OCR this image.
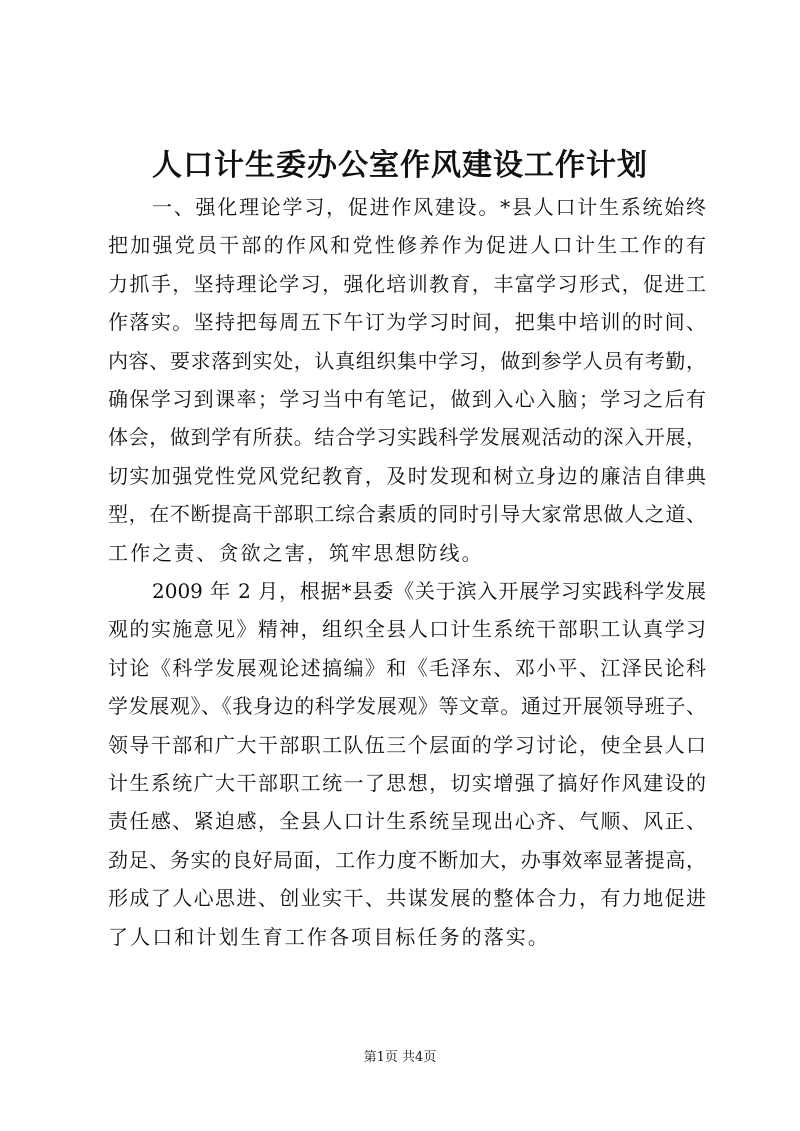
人口计生委办公室作风建设工作计划
一、强化理论学习，促进作风建设。*县人口计生系统始终
把加强党员干部的作风和党性修养作为促进人口计生工作的有
力抓手，坚持理论学习，强化培训教育，丰富学习形式，促进工
作落实。坚持把每周五下午订为学习时间，把集中培训的时间、
内容、要求落到实处，认真组织集中学习，做到参学人员有考勤，
确保学习到课率；学习当中有笔记，做到入心入脑；学习之后有
体会，做到学有所获。结合学习实践科学发展观活动的深入开展，
切实加强党性党风党纪教育，及时发现和树立身边的廉洁自律典
型，在不断提高干部职工综合素质的同时引导大家常思做人之道、
工作之责、贪欲之害，筑牢思想防线。
2009 年 2 月，根据*县委《关于滨入开展学习实践科学发展
观的实施意见》精神，组织全县人口计生系统干部职工认真学习
讨论《科学发展观论述搞编》和《毛泽东、邓小平、江泽民论科
学发展观》、《我身边的科学发展观》等文章。通过开展领导班子、
领导干部和广大干部职工队伍三个层面的学习讨论，使全县人口
计生系统广大干部职工统一了思想，切实增强了搞好作风建设的
责任感、紧迫感，全县人口计生系统呈现出心齐、气顺、风正、
劲足、务实的良好局面，工作力度不断加大，办事效率显著提高，
形成了人心思进、创业实干、共谋发展的整体合力，有力地促进
了人口和计划生育工作各项目标任务的落实。
第1页 共4页
